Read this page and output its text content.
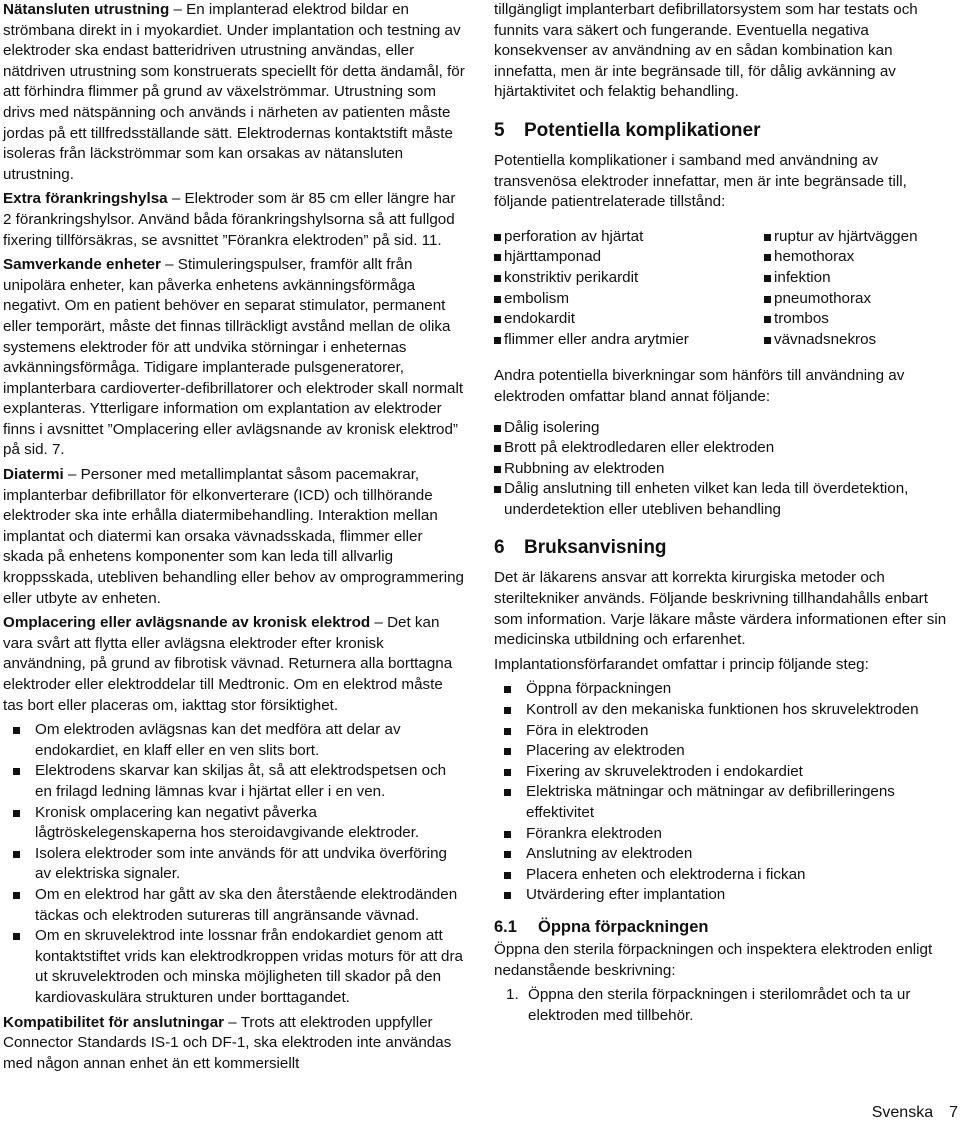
Nätansluten utrustning – En implanterad elektrod bildar en strömbana direkt in i myokardiet. Under implantation och testning av elektroder ska endast batteridriven utrustning användas, eller nätdriven utrustning som konstruerats speciellt för detta ändamål, för att förhindra flimmer på grund av växelströmmar. Utrustning som drivs med nätspänning och används i närheten av patienten måste jordas på ett tillfredsställande sätt. Elektrodernas kontaktstift måste isoleras från läckströmmar som kan orsakas av nätansluten utrustning.

Extra förankringshylsa – Elektroder som är 85 cm eller längre har 2 förankringshylsor. Använd båda förankringshylsorna så att fullgod fixering tillförsäkras, se avsnittet ”Förankra elektroden” på sid. 11.

Samverkande enheter – Stimuleringspulser, framför allt från unipolära enheter, kan påverka enhetens avkänningsförmåga negativt. Om en patient behöver en separat stimulator, permanent eller temporärt, måste det finnas tillräckligt avstånd mellan de olika systemens elektroder för att undvika störningar i enheternas avkänningsförmåga. Tidigare implanterade pulsgeneratorer, implanterbara cardioverter-defibrillatorer och elektroder skall normalt explanteras. Ytterligare information om explantation av elektroder finns i avsnittet ”Omplacering eller avlägsnande av kronisk elektrod” på sid. 7.

Diatermi – Personer med metallimplantat såsom pacemakrar, implanterbar defibrillator för elkonverterare (ICD) och tillhörande elektroder ska inte erhålla diatermibehandling. Interaktion mellan implantat och diatermi kan orsaka vävnadsskada, flimmer eller skada på enhetens komponenter som kan leda till allvarlig kroppsskada, utebliven behandling eller behov av omprogrammering eller utbyte av enheten.

Omplacering eller avlägsnande av kronisk elektrod – Det kan vara svårt att flytta eller avlägsna elektroder efter kronisk användning, på grund av fibrotisk vävnad. Returnera alla borttagna elektroder eller elektroddelar till Medtronic. Om en elektrod måste tas bort eller placeras om, iakttag stor försiktighet.

Om elektroden avlägsnas kan det medföra att delar av endokardiet, en klaff eller en ven slits bort.
Elektrodens skarvar kan skiljas åt, så att elektrodspetsen och en frilagd ledning lämnas kvar i hjärtat eller i en ven.
Kronisk omplacering kan negativt påverka lågtröskelegenskaperna hos steroidavgivande elektroder.
Isolera elektroder som inte används för att undvika överföring av elektriska signaler.
Om en elektrod har gått av ska den återstående elektrodänden täckas och elektroden sutureras till angränsande vävnad.
Om en skruvelektrod inte lossnar från endokardiet genom att kontaktstiftet vrids kan elektrodkroppen vridas moturs för att dra ut skruvelektroden och minska möjligheten till skador på den kardiovaskulära strukturen under borttagandet.

Kompatibilitet för anslutningar – Trots att elektroden uppfyller Connector Standards IS-1 och DF-1, ska elektroden inte användas med någon annan enhet än ett kommersiellt

tillgängligt implanterbart defibrillatorsystem som har testats och funnits vara säkert och fungerande. Eventuella negativa konsekvenser av användning av en sådan kombination kan innefatta, men är inte begränsade till, för dålig avkänning av hjärtaktivitet och felaktig behandling.

5 Potentiella komplikationer

Potentiella komplikationer i samband med användning av transvenösa elektroder innefattar, men är inte begränsade till, följande patientrelaterade tillstånd:

perforation av hjärtat
hjärttamponad
konstriktiv perikardit
embolism
endokardit
flimmer eller andra arytmier
ruptur av hjärtväggen
hemothorax
infektion
pneumothorax
trombos
vävnadsnekros

Andra potentiella biverkningar som hänförs till användning av elektroden omfattar bland annat följande:

Dålig isolering
Brott på elektrodledaren eller elektroden
Rubbning av elektroden
Dålig anslutning till enheten vilket kan leda till överdetektion, underdetektion eller utebliven behandling
6 Bruksanvisning

Det är läkarens ansvar att korrekta kirurgiska metoder och steriltekniker används. Följande beskrivning tillhandahålls enbart som information. Varje läkare måste värdera informationen efter sin medicinska utbildning och erfarenhet.

Implantationsförfarandet omfattar i princip följande steg:

Öppna förpackningen
Kontroll av den mekaniska funktionen hos skruvelektroden
Föra in elektroden
Placering av elektroden
Fixering av skruvelektroden i endokardiet
Elektriska mätningar och mätningar av defibrilleringens effektivitet
Förankra elektroden
Anslutning av elektroden
Placera enheten och elektroderna i fickan
Utvärdering efter implantation
6.1 Öppna förpackningen

Öppna den sterila förpackningen och inspektera elektroden enligt nedanstående beskrivning:

1. Öppna den sterila förpackningen i sterilområdet och ta ur elektroden med tillbehör.
Svenska 7
